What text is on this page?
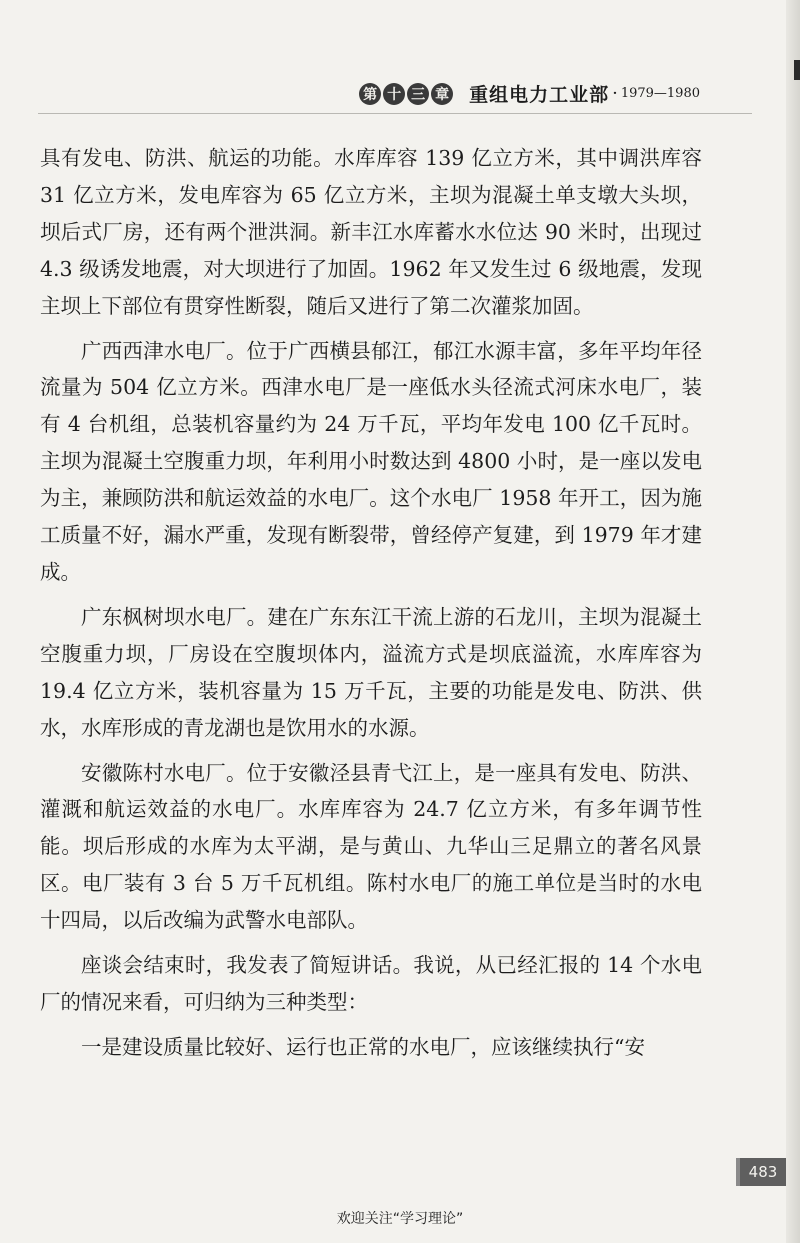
第 十 三 章 重组电力工业部 · 1979—1980

具有发电、防洪、航运的功能。水库库容 139 亿立方米，其中调洪库容 31 亿立方米，发电库容为 65 亿立方米，主坝为混凝土单支墩大头坝，坝后式厂房，还有两个泄洪洞。新丰江水库蓄水水位达 90 米时，出现过 4.3 级诱发地震，对大坝进行了加固。1962 年又发生过 6 级地震，发现主坝上下部位有贯穿性断裂，随后又进行了第二次灌浆加固。

广西西津水电厂。位于广西横县郁江，郁江水源丰富，多年平均年径流量为 504 亿立方米。西津水电厂是一座低水头径流式河床水电厂，装有 4 台机组，总装机容量约为 24 万千瓦，平均年发电 100 亿千瓦时。主坝为混凝土空腹重力坝，年利用小时数达到 4800 小时，是一座以发电为主，兼顾防洪和航运效益的水电厂。这个水电厂 1958 年开工，因为施工质量不好，漏水严重，发现有断裂带，曾经停产复建，到 1979 年才建成。

广东枫树坝水电厂。建在广东东江干流上游的石龙川，主坝为混凝土空腹重力坝，厂房设在空腹坝体内，溢流方式是坝底溢流，水库库容为 19.4 亿立方米，装机容量为 15 万千瓦，主要的功能是发电、防洪、供水，水库形成的青龙湖也是饮用水的水源。

安徽陈村水电厂。位于安徽泾县青弋江上，是一座具有发电、防洪、灌溉和航运效益的水电厂。水库库容为 24.7 亿立方米，有多年调节性能。坝后形成的水库为太平湖，是与黄山、九华山三足鼎立的著名风景区。电厂装有 3 台 5 万千瓦机组。陈村水电厂的施工单位是当时的水电十四局，以后改编为武警水电部队。

座谈会结束时，我发表了简短讲话。我说，从已经汇报的 14 个水电厂的情况来看，可归纳为三种类型：

一是建设质量比较好、运行也正常的水电厂，应该继续执行“安

483
欢迎关注“学习理论”
